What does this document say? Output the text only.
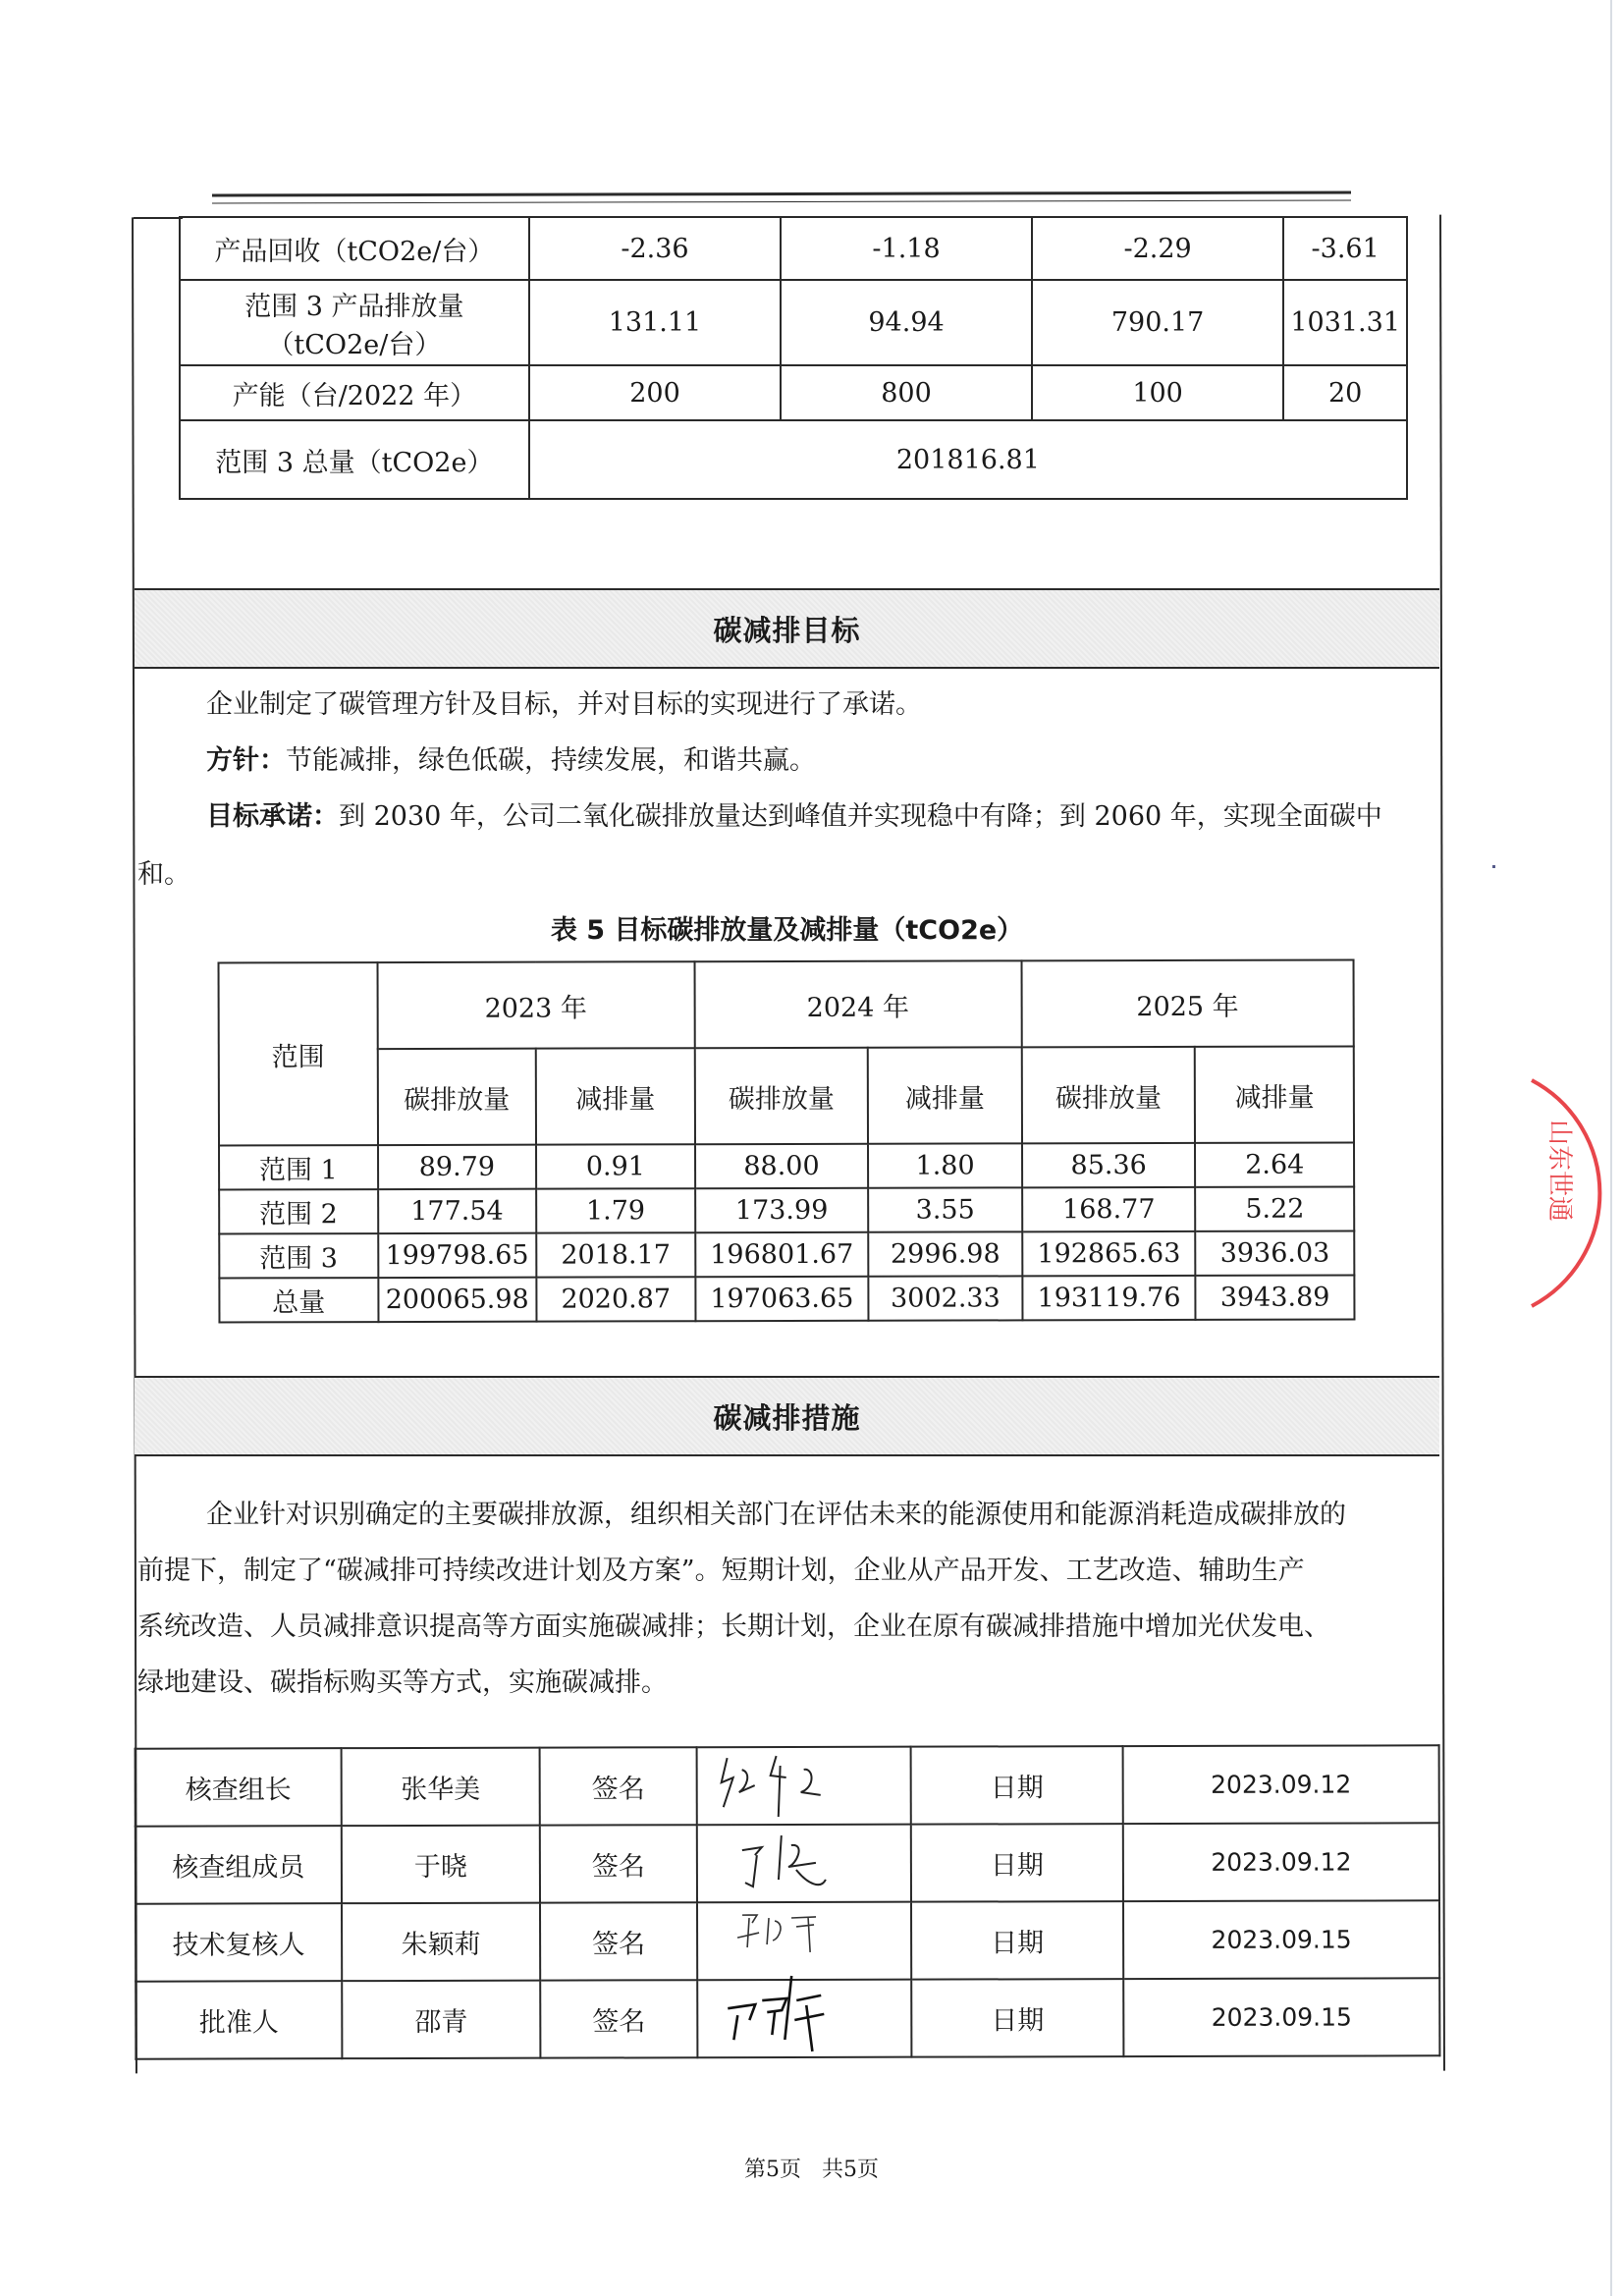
产品回收（tCO2e/台）	-2.36	-1.18	-2.29	-3.61

范围 3 产品排放量
（tCO2e/台）	131.11	94.94	790.17	1031.31
产能（台/2022 年）	200	800	100	20
范围 3 总量（tCO2e）	201816.81			
碳减排目标
企业制定了碳管理方针及目标，并对目标的实现进行了承诺。
方针：节能减排，绿色低碳，持续发展，和谐共赢。
目标承诺：到 2030 年，公司二氧化碳排放量达到峰值并实现稳中有降；到 2060 年，实现全面碳中
和。
表 5 目标碳排放量及减排量（tCO2e）
范围	2023 年		2024 年		2025 年	
	碳排放量	减排量	碳排放量	减排量	碳排放量	减排量
范围 1	89.79	0.91	88.00	1.80	85.36	2.64
范围 2	177.54	1.79	173.99	3.55	168.77	5.22
范围 3	199798.65	2018.17	196801.67	2996.98	192865.63	3936.03
总量	200065.98	2020.87	197063.65	3002.33	193119.76	3943.89
碳减排措施
企业针对识别确定的主要碳排放源，组织相关部门在评估未来的能源使用和能源消耗造成碳排放的
前提下，制定了“碳减排可持续改进计划及方案”。短期计划，企业从产品开发、工艺改造、辅助生产
系统改造、人员减排意识提高等方面实施碳减排；长期计划，企业在原有碳减排措施中增加光伏发电、
绿地建设、碳指标购买等方式，实施碳减排。
核查组长	张华美	签名		日期	2023.09.12
核查组成员	于晓	签名		日期	2023.09.12
技术复核人	朱颖莉	签名		日期	2023.09.15
批准人	邵青	签名		日期	2023.09.15
山东世通
第5页 共5页
